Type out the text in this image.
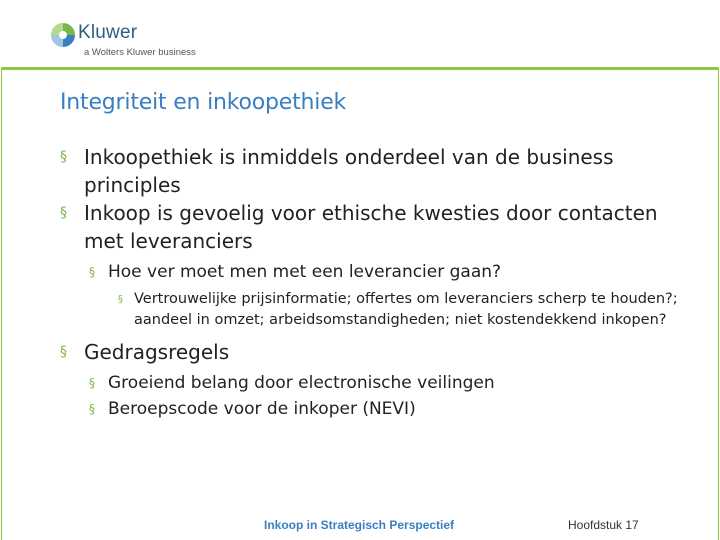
Kluwer
a Wolters Kluwer business
Integriteit en inkoopethiek
§ Inkoopethiek is inmiddels onderdeel van de business principles
§ Inkoop is gevoelig voor ethische kwesties door contacten met leveranciers
§ Hoe ver moet men met een leverancier gaan?
§ Vertrouwelijke prijsinformatie; offertes om leveranciers scherp te houden?; aandeel in omzet; arbeidsomstandigheden; niet kostendekkend inkopen?
§ Gedragsregels
§ Groeiend belang door electronische veilingen
§ Beroepscode voor de inkoper (NEVI)
Inkoop in Strategisch Perspectief	Hoofdstuk 17
